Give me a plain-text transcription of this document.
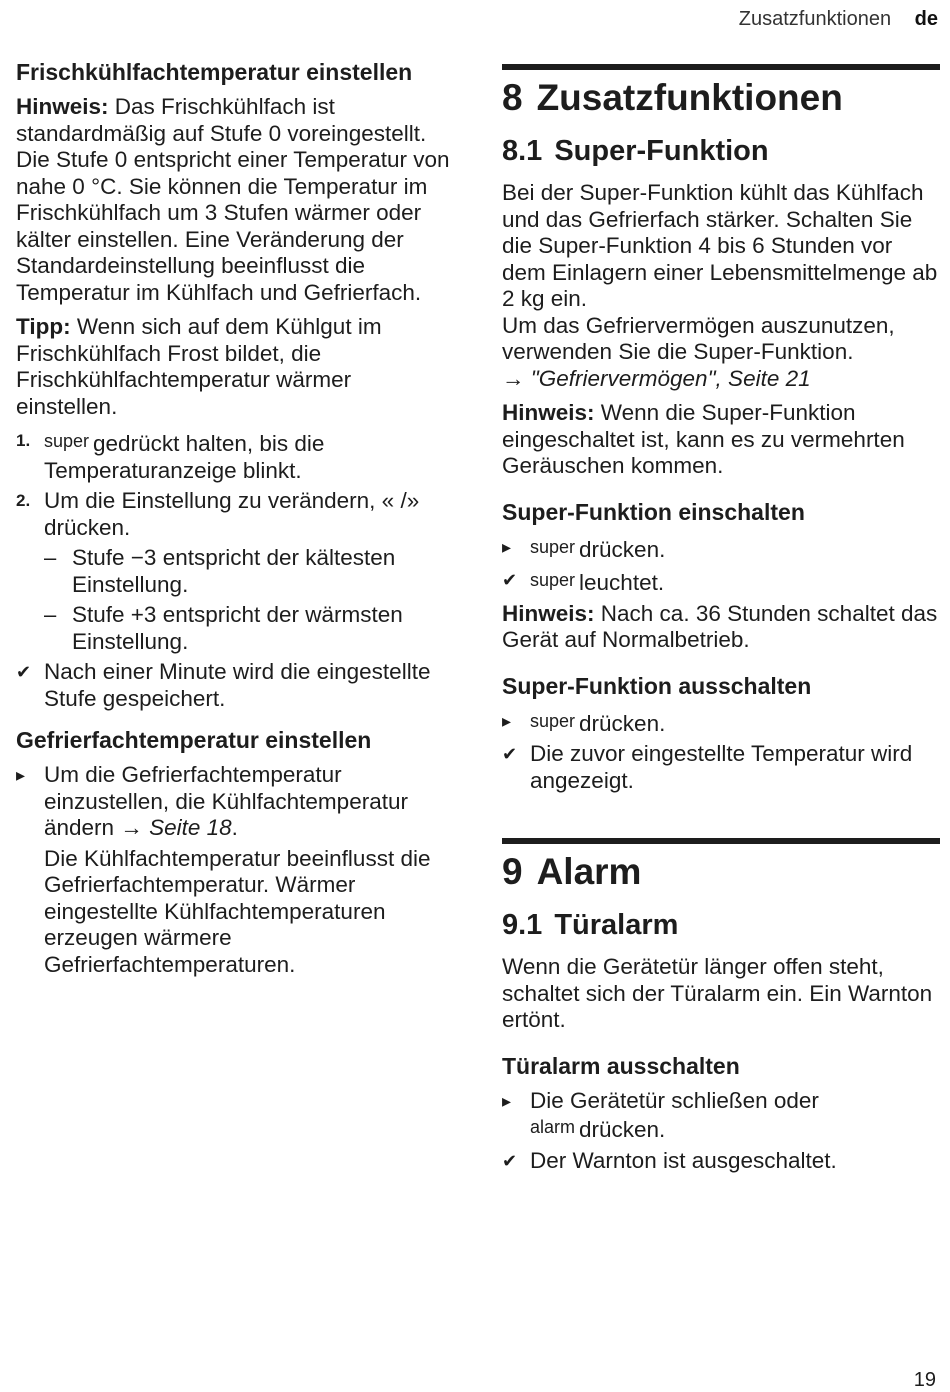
Zusatzfunktionen de
Frischkühlfachtemperatur einstellen

Hinweis: Das Frischkühlfach ist standardmäßig auf Stufe 0 voreingestellt. Die Stufe 0 entspricht einer Temperatur von nahe 0 °C. Sie können die Temperatur im Frischkühlfach um 3 Stufen wärmer oder kälter einstellen. Eine Veränderung der Standardeinstellung beeinflusst die Temperatur im Kühlfach und Gefrierfach.

Tipp: Wenn sich auf dem Kühlgut im Frischkühlfach Frost bildet, die Frischkühlfachtemperatur wärmer einstellen.

1. super gedrückt halten, bis die Temperaturanzeige blinkt.
2. Um die Einstellung zu verändern, « /» drücken.
– Stufe −3 entspricht der kältesten Einstellung.
– Stufe +3 entspricht der wärmsten Einstellung.
✔ Nach einer Minute wird die eingestellte Stufe gespeichert.
Gefrierfachtemperatur einstellen
▸ Um die Gefrierfachtemperatur einzustellen, die Kühlfachtemperatur ändern → Seite 18.

Die Kühlfachtemperatur beeinflusst die Gefrierfachtemperatur. Wärmer eingestellte Kühlfachtemperaturen erzeugen wärmere Gefrierfachtemperaturen.

8 Zusatzfunktionen
8.1 Super-Funktion

Bei der Super-Funktion kühlt das Kühlfach und das Gefrierfach stärker. Schalten Sie die Super-Funktion 4 bis 6 Stunden vor dem Einlagern einer Lebensmittelmenge ab 2 kg ein.

Um das Gefriervermögen auszunutzen, verwenden Sie die Super-Funktion.

→ "Gefriervermögen", Seite 21

Hinweis: Wenn die Super-Funktion eingeschaltet ist, kann es zu vermehrten Geräuschen kommen.

Super-Funktion einschalten
▸	super drücken.
✔ super leuchtet.

Hinweis: Nach ca. 36 Stunden schaltet das Gerät auf Normalbetrieb.

Super-Funktion ausschalten
▸	super drücken.
✔ Die zuvor eingestellte Temperatur wird angezeigt.
9 Alarm
9.1 Türalarm

Wenn die Gerätetür länger offen steht, schaltet sich der Türalarm ein. Ein Warnton ertönt.

Türalarm ausschalten
▸ Die Gerätetür schließen oder alarm drücken.
✔ Der Warnton ist ausgeschaltet.
19
